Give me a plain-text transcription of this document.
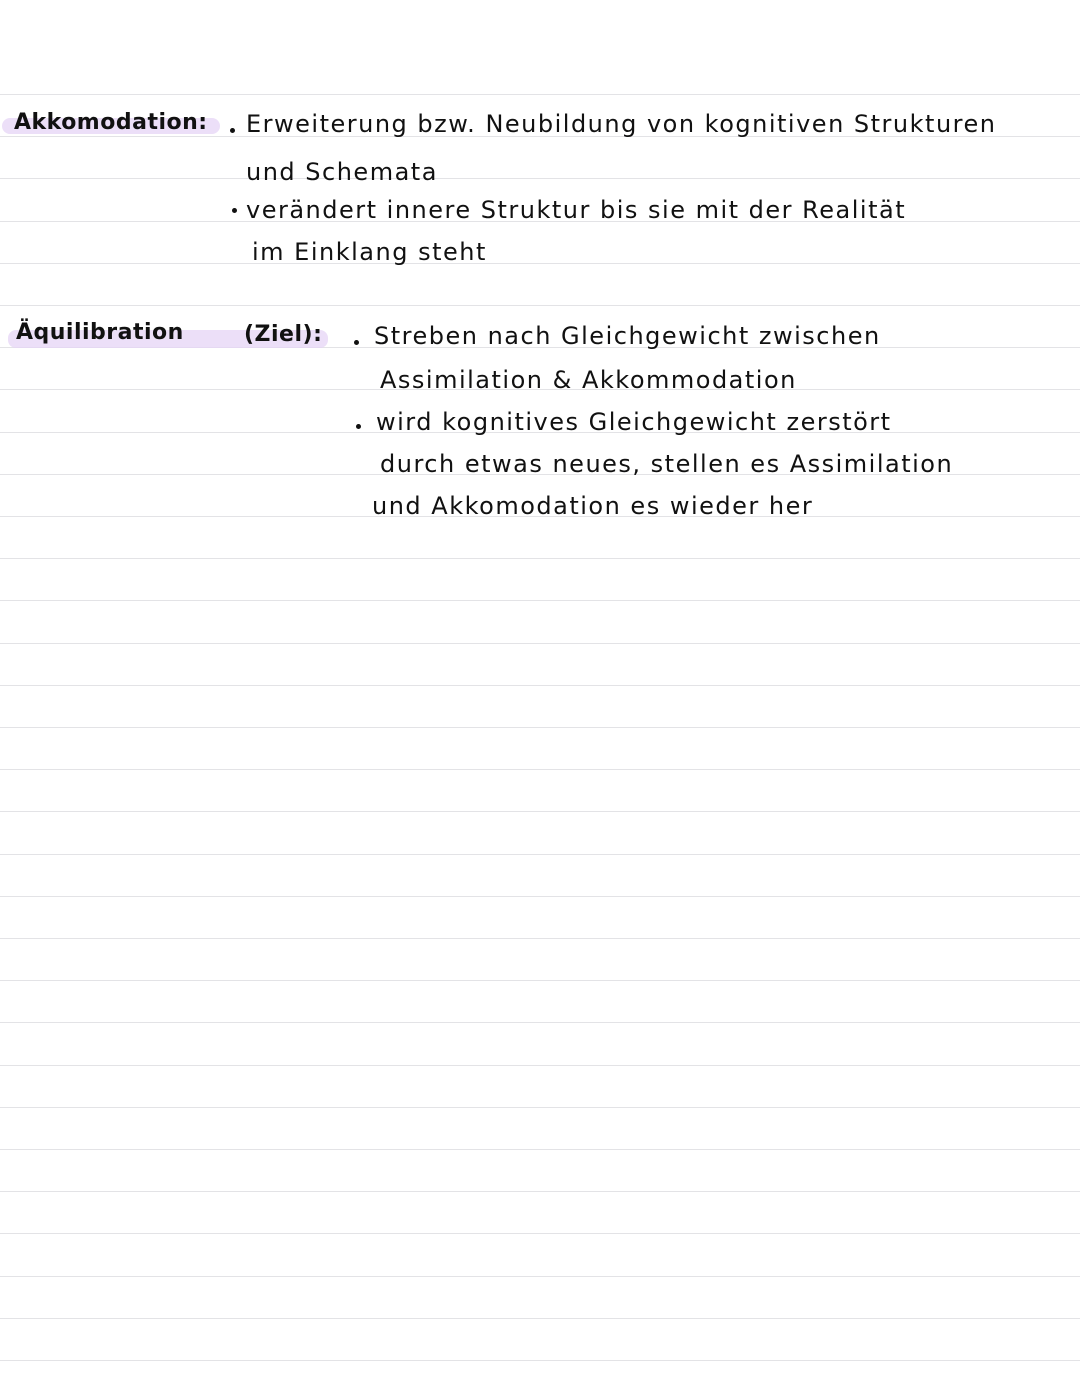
Akkomodation: Erweiterung bzw. Neubildung von kognitiven Strukturen
und Schemata
verändert innere Struktur bis sie mit der Realität
im Einklang steht
Äquilibration	(Ziel): Streben nach Gleichgewicht zwischen
Assimilation & Akkommodation
wird kognitives Gleichgewicht zerstört
durch etwas neues, stellen es Assimilation
und Akkomodation es wieder her
